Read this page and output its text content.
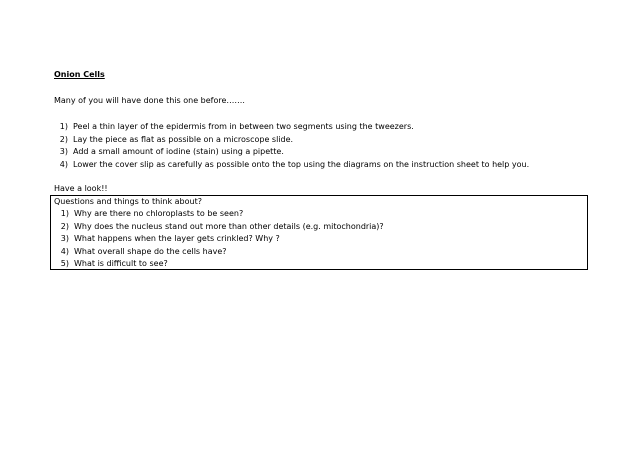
Onion Cells
Many of you will have done this one before…….
1) Peel a thin layer of the epidermis from in between two segments using the tweezers.
2) Lay the piece as flat as possible on a microscope slide.
3) Add a small amount of iodine (stain) using a pipette.
4) Lower the cover slip as carefully as possible onto the top using the diagrams on the instruction sheet to help you.
Have a look!!
Questions and things to think about?
1) Why are there no chloroplasts to be seen?
2) Why does the nucleus stand out more than other details (e.g. mitochondria)?
3) What happens when the layer gets crinkled? Why ?
4) What overall shape do the cells have?
5) What is difficult to see?
